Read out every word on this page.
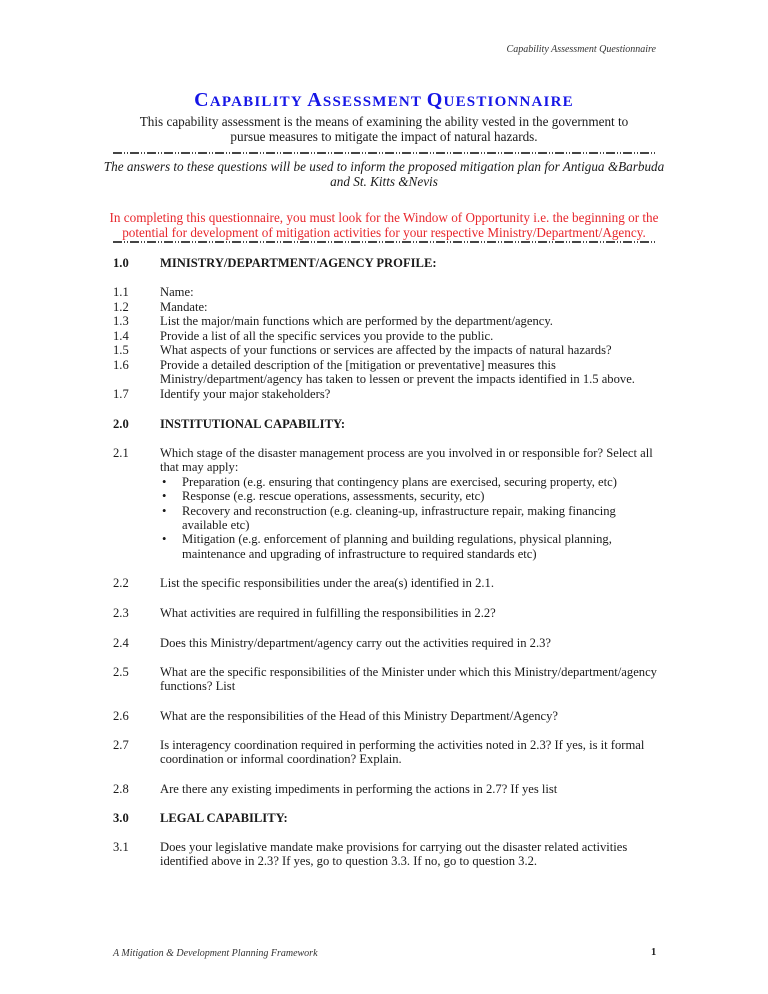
Capability Assessment Questionnaire
CAPABILITY ASSESSMENT QUESTIONNAIRE
This capability assessment is the means of examining the ability vested in the government to pursue measures to mitigate the impact of natural hazards.
The answers to these questions will be used to inform the proposed mitigation plan for Antigua &Barbuda and St. Kitts &Nevis
In completing this questionnaire, you must look for the Window of Opportunity i.e. the beginning or the potential for development of mitigation activities for your respective Ministry/Department/Agency.
1.0	MINISTRY/DEPARTMENT/AGENCY PROFILE:
1.1	Name:
1.2	Mandate:
1.3	List the major/main functions which are performed by the department/agency.
1.4	Provide a list of all the specific services you provide to the public.
1.5	What aspects of your functions or services are affected by the impacts of natural hazards?
1.6	Provide a detailed description of the [mitigation or preventative] measures this Ministry/department/agency has taken to lessen or prevent the impacts identified in 1.5 above.
1.7	Identify your major stakeholders?
2.0	INSTITUTIONAL CAPABILITY:
2.1	Which stage of the disaster management process are you involved in or responsible for? Select all that may apply:
• Preparation (e.g. ensuring that contingency plans are exercised, securing property, etc)
• Response (e.g. rescue operations, assessments, security, etc)
• Recovery and reconstruction (e.g. cleaning-up, infrastructure repair, making financing available etc)
• Mitigation (e.g. enforcement of planning and building regulations, physical planning, maintenance and upgrading of infrastructure to required standards etc)
2.2	List the specific responsibilities under the area(s) identified in 2.1.
2.3	What activities are required in fulfilling the responsibilities in 2.2?
2.4	Does this Ministry/department/agency carry out the activities required in 2.3?
2.5	What are the specific responsibilities of the Minister under which this Ministry/department/agency functions? List
2.6	What are the responsibilities of the Head of this Ministry Department/Agency?
2.7	Is interagency coordination required in performing the activities noted in 2.3? If yes, is it formal coordination or informal coordination? Explain.
2.8	Are there any existing impediments in performing the actions in 2.7? If yes list
3.0	LEGAL CAPABILITY:
3.1	Does your legislative mandate make provisions for carrying out the disaster related activities identified above in 2.3? If yes, go to question 3.3. If no, go to question 3.2.
A Mitigation & Development Planning Framework	1
